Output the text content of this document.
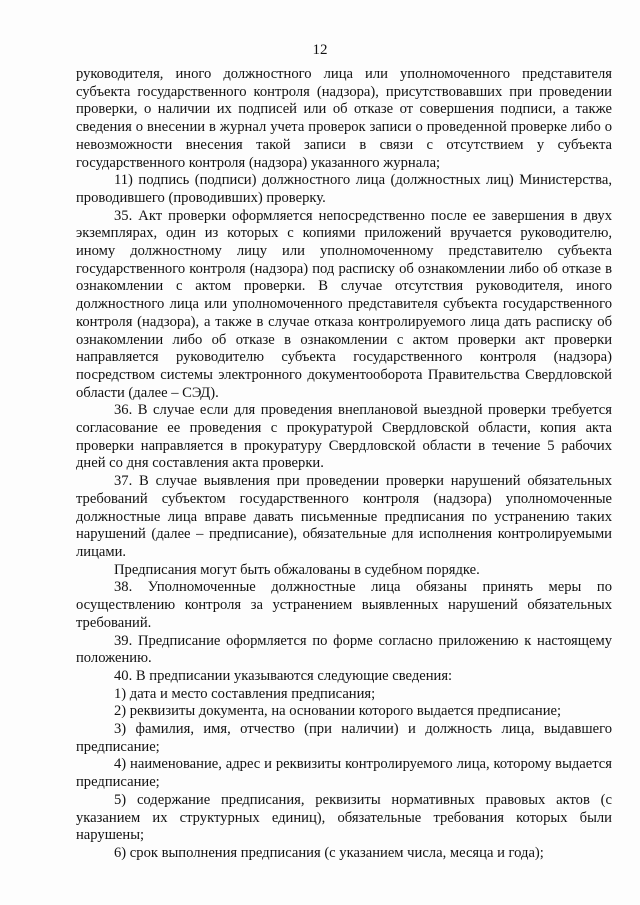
12

руководителя, иного должностного лица или уполномоченного представителя субъекта государственного контроля (надзора), присутствовавших при проведении проверки, о наличии их подписей или об отказе от совершения подписи, а также сведения о внесении в журнал учета проверок записи о проведенной проверке либо о невозможности внесения такой записи в связи с отсутствием у субъекта государственного контроля (надзора) указанного журнала;

11) подпись (подписи) должностного лица (должностных лиц) Министерства, проводившего (проводивших) проверку.

35. Акт проверки оформляется непосредственно после ее завершения в двух экземплярах, один из которых с копиями приложений вручается руководителю, иному должностному лицу или уполномоченному представителю субъекта государственного контроля (надзора) под расписку об ознакомлении либо об отказе в ознакомлении с актом проверки. В случае отсутствия руководителя, иного должностного лица или уполномоченного представителя субъекта государственного контроля (надзора), а также в случае отказа контролируемого лица дать расписку об ознакомлении либо об отказе в ознакомлении с актом проверки акт проверки направляется руководителю субъекта государственного контроля (надзора) посредством системы электронного документооборота Правительства Свердловской области (далее – СЭД).

36. В случае если для проведения внеплановой выездной проверки требуется согласование ее проведения с прокуратурой Свердловской области, копия акта проверки направляется в прокуратуру Свердловской области в течение 5 рабочих дней со дня составления акта проверки.

37. В случае выявления при проведении проверки нарушений обязательных требований субъектом государственного контроля (надзора) уполномоченные должностные лица вправе давать письменные предписания по устранению таких нарушений (далее – предписание), обязательные для исполнения контролируемыми лицами.

Предписания могут быть обжалованы в судебном порядке.

38. Уполномоченные должностные лица обязаны принять меры по осуществлению контроля за устранением выявленных нарушений обязательных требований.

39. Предписание оформляется по форме согласно приложению к настоящему положению.

40. В предписании указываются следующие сведения:

1) дата и место составления предписания;

2) реквизиты документа, на основании которого выдается предписание;

3) фамилия, имя, отчество (при наличии) и должность лица, выдавшего предписание;

4) наименование, адрес и реквизиты контролируемого лица, которому выдается предписание;

5) содержание предписания, реквизиты нормативных правовых актов (с указанием их структурных единиц), обязательные требования которых были нарушены;

6) срок выполнения предписания (с указанием числа, месяца и года);
